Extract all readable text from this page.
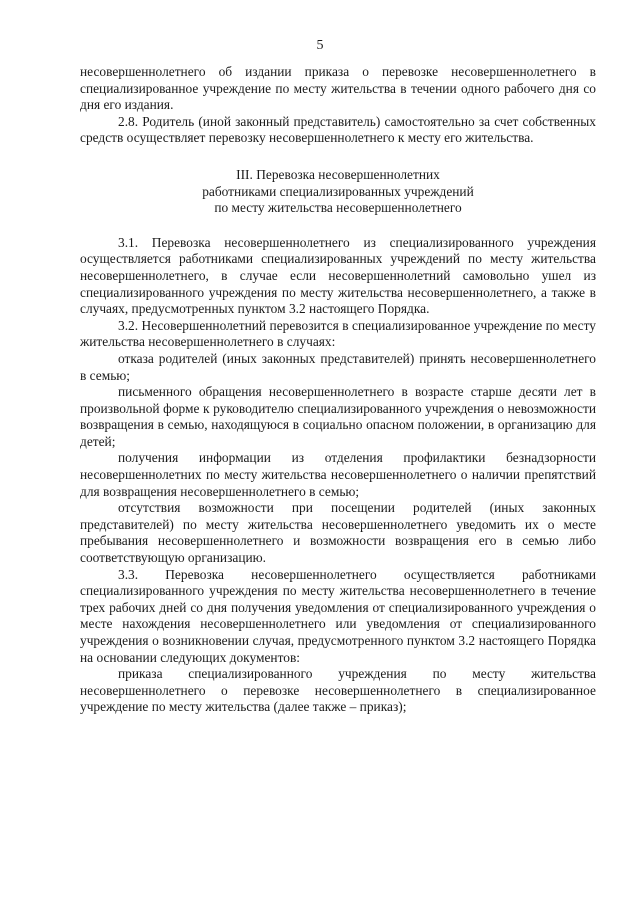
5

несовершеннолетнего об издании приказа о перевозке несовершеннолетнего в специализированное учреждение по месту жительства в течении одного рабочего дня со дня его издания.

2.8. Родитель (иной законный представитель) самостоятельно за счет собственных средств осуществляет перевозку несовершеннолетнего к месту его жительства.

III. Перевозка несовершеннолетних
работниками специализированных учреждений
по месту жительства несовершеннолетнего

3.1. Перевозка несовершеннолетнего из специализированного учреждения осуществляется работниками специализированных учреждений по месту жительства несовершеннолетнего, в случае если несовершеннолетний самовольно ушел из специализированного учреждения по месту жительства несовершеннолетнего, а также в случаях, предусмотренных пунктом 3.2 настоящего Порядка.

3.2. Несовершеннолетний перевозится в специализированное учреждение по месту жительства несовершеннолетнего в случаях:

отказа родителей (иных законных представителей) принять несовершеннолетнего в семью;

письменного обращения несовершеннолетнего в возрасте старше десяти лет в произвольной форме к руководителю специализированного учреждения о невозможности возвращения в семью, находящуюся в социально опасном положении, в организацию для детей;

получения информации из отделения профилактики безнадзорности несовершеннолетних по месту жительства несовершеннолетнего о наличии препятствий для возвращения несовершеннолетнего в семью;

отсутствия возможности при посещении родителей (иных законных представителей) по месту жительства несовершеннолетнего уведомить их о месте пребывания несовершеннолетнего и возможности возвращения его в семью либо соответствующую организацию.

3.3. Перевозка несовершеннолетнего осуществляется работниками специализированного учреждения по месту жительства несовершеннолетнего в течение трех рабочих дней со дня получения уведомления от специализированного учреждения о месте нахождения несовершеннолетнего или уведомления от специализированного учреждения о возникновении случая, предусмотренного пунктом 3.2 настоящего Порядка на основании следующих документов:

приказа специализированного учреждения по месту жительства несовершеннолетнего о перевозке несовершеннолетнего в специализированное учреждение по месту жительства (далее также – приказ);
